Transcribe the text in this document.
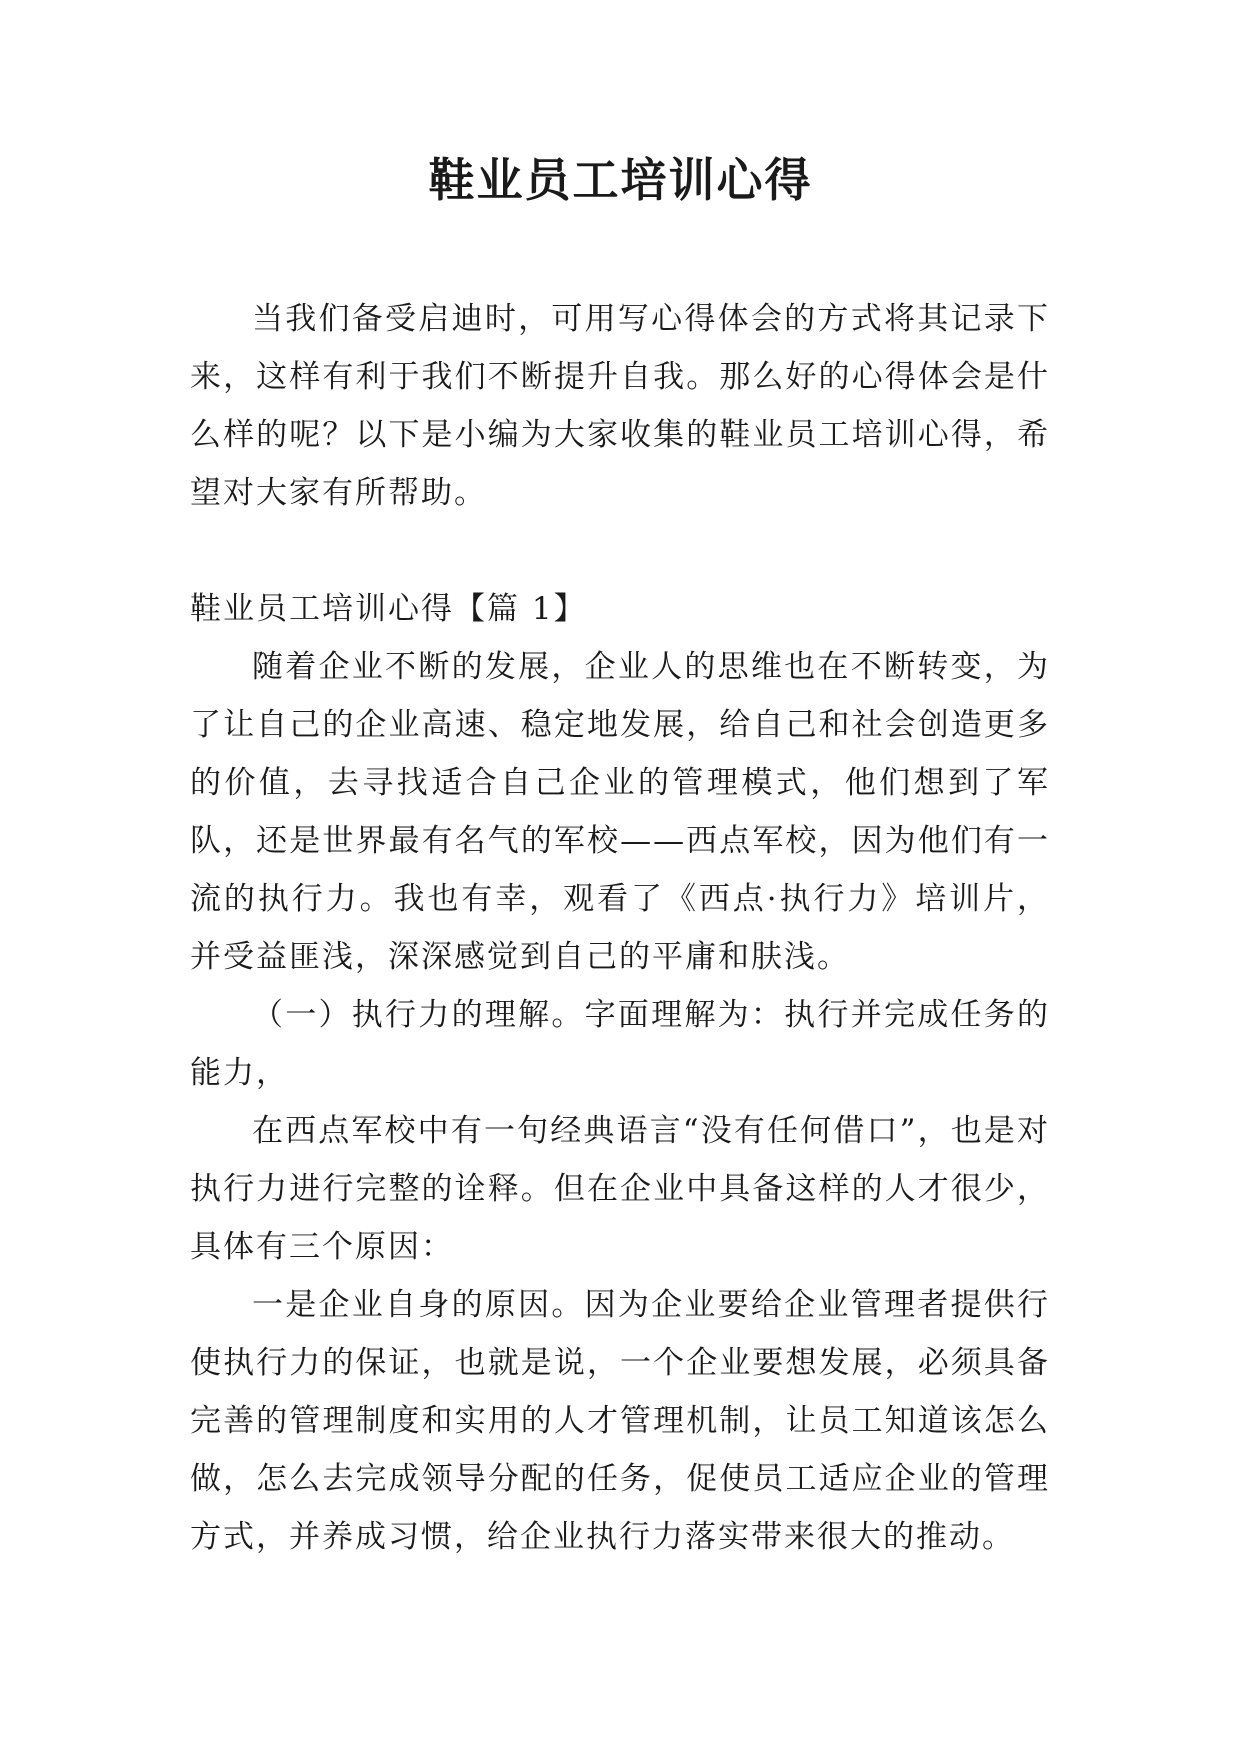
鞋业员工培训心得

当我们备受启迪时，可用写心得体会的方式将其记录下来，这样有利于我们不断提升自我。那么好的心得体会是什么样的呢？以下是小编为大家收集的鞋业员工培训心得，希望对大家有所帮助。

鞋业员工培训心得【篇 1】

随着企业不断的发展，企业人的思维也在不断转变，为了让自己的企业高速、稳定地发展，给自己和社会创造更多的价值，去寻找适合自己企业的管理模式，他们想到了军队，还是世界最有名气的军校——西点军校，因为他们有一流的执行力。我也有幸，观看了《西点·执行力》培训片，并受益匪浅，深深感觉到自己的平庸和肤浅。

（一）执行力的理解。字面理解为：执行并完成任务的能力，

在西点军校中有一句经典语言“没有任何借口”，也是对执行力进行完整的诠释。但在企业中具备这样的人才很少，具体有三个原因：

一是企业自身的原因。因为企业要给企业管理者提供行使执行力的保证，也就是说，一个企业要想发展，必须具备完善的管理制度和实用的人才管理机制，让员工知道该怎么做，怎么去完成领导分配的任务，促使员工适应企业的管理方式，并养成习惯，给企业执行力落实带来很大的推动。
